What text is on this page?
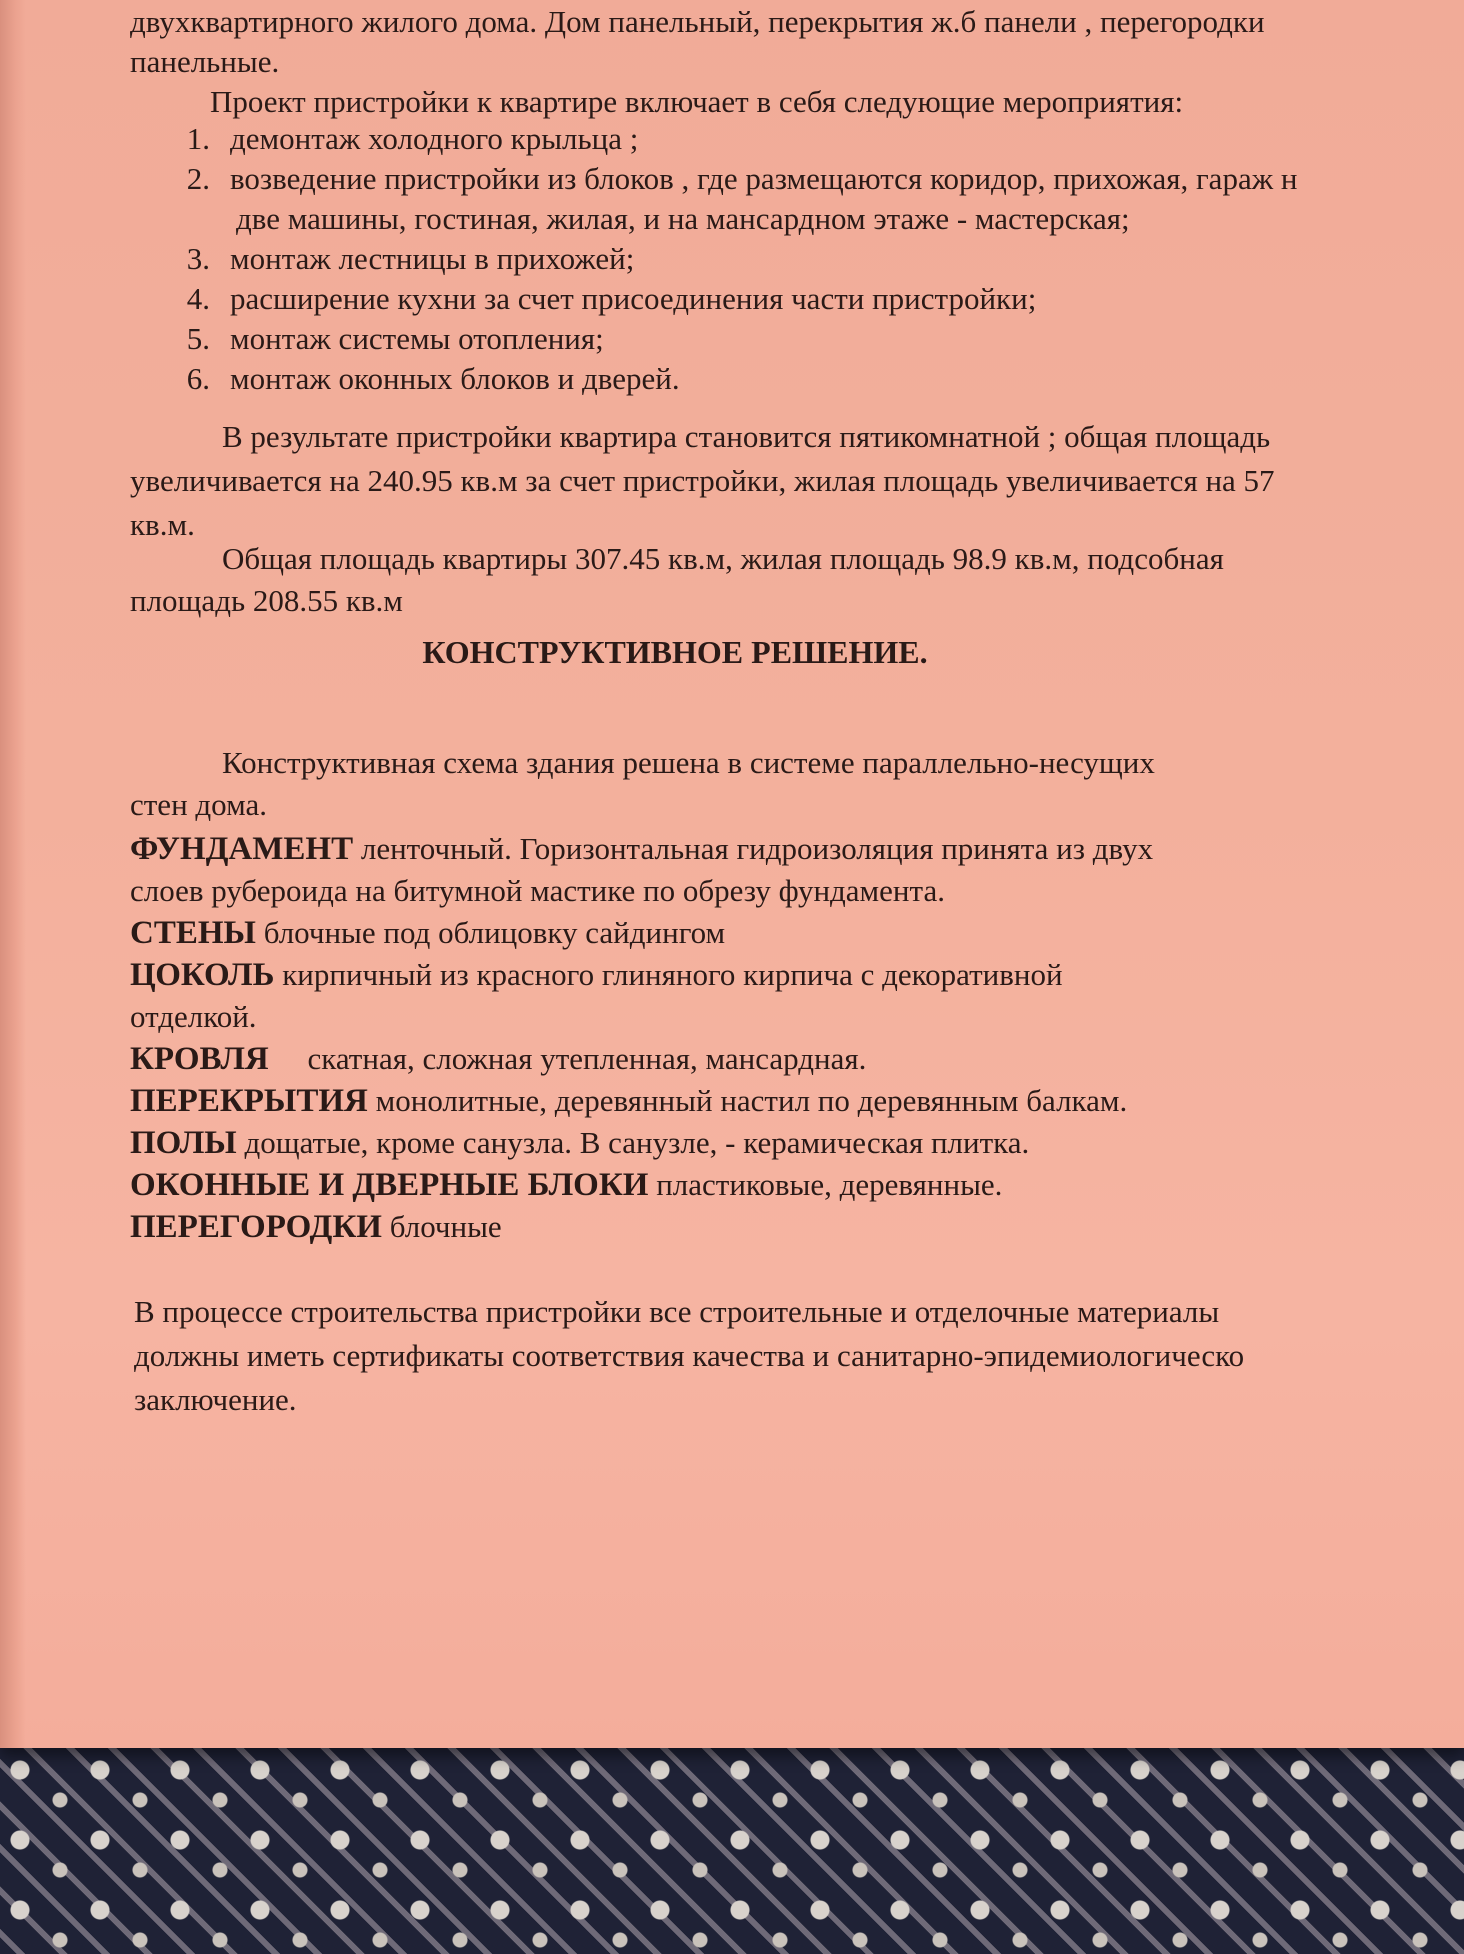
двухквартирного жилого дома. Дом панельный, перекрытия ж.б панели , перегородки
панельные.
Проект пристройки к квартире включает в себя следующие мероприятия:
1. демонтаж холодного крыльца ;
2. возведение пристройки из блоков , где размещаются коридор, прихожая, гараж н
две машины, гостиная, жилая, и на мансардном этаже - мастерская;
3. монтаж лестницы в прихожей;
4. расширение кухни за счет присоединения части пристройки;
5. монтаж системы отопления;
6. монтаж оконных блоков и дверей.
В результате пристройки квартира становится пятикомнатной ; общая площадь
увеличивается на 240.95 кв.м за счет пристройки, жилая площадь увеличивается на 57
кв.м.
Общая площадь квартиры 307.45 кв.м, жилая площадь 98.9 кв.м, подсобная
площадь 208.55 кв.м
КОНСТРУКТИВНОЕ РЕШЕНИЕ.
Конструктивная схема здания решена в системе параллельно-несущих
стен дома.
ФУНДАМЕНТ ленточный. Горизонтальная гидроизоляция принята из двух
слоев рубероида на битумной мастике по обрезу фундамента.
СТЕНЫ блочные под облицовку сайдингом
ЦОКОЛЬ кирпичный из красного глиняного кирпича с декоративной
отделкой.
КРОВЛЯ     скатная, сложная утепленная, мансардная.
ПЕРЕКРЫТИЯ монолитные, деревянный настил по деревянным балкам.
ПОЛЫ дощатые, кроме санузла. В санузле, - керамическая плитка.
ОКОННЫЕ И ДВЕРНЫЕ БЛОКИ пластиковые, деревянные.
ПЕРЕГОРОДКИ блочные
В процессе строительства пристройки все строительные и отделочные материалы
должны иметь сертификаты соответствия качества и санитарно-эпидемиологическо
заключение.
